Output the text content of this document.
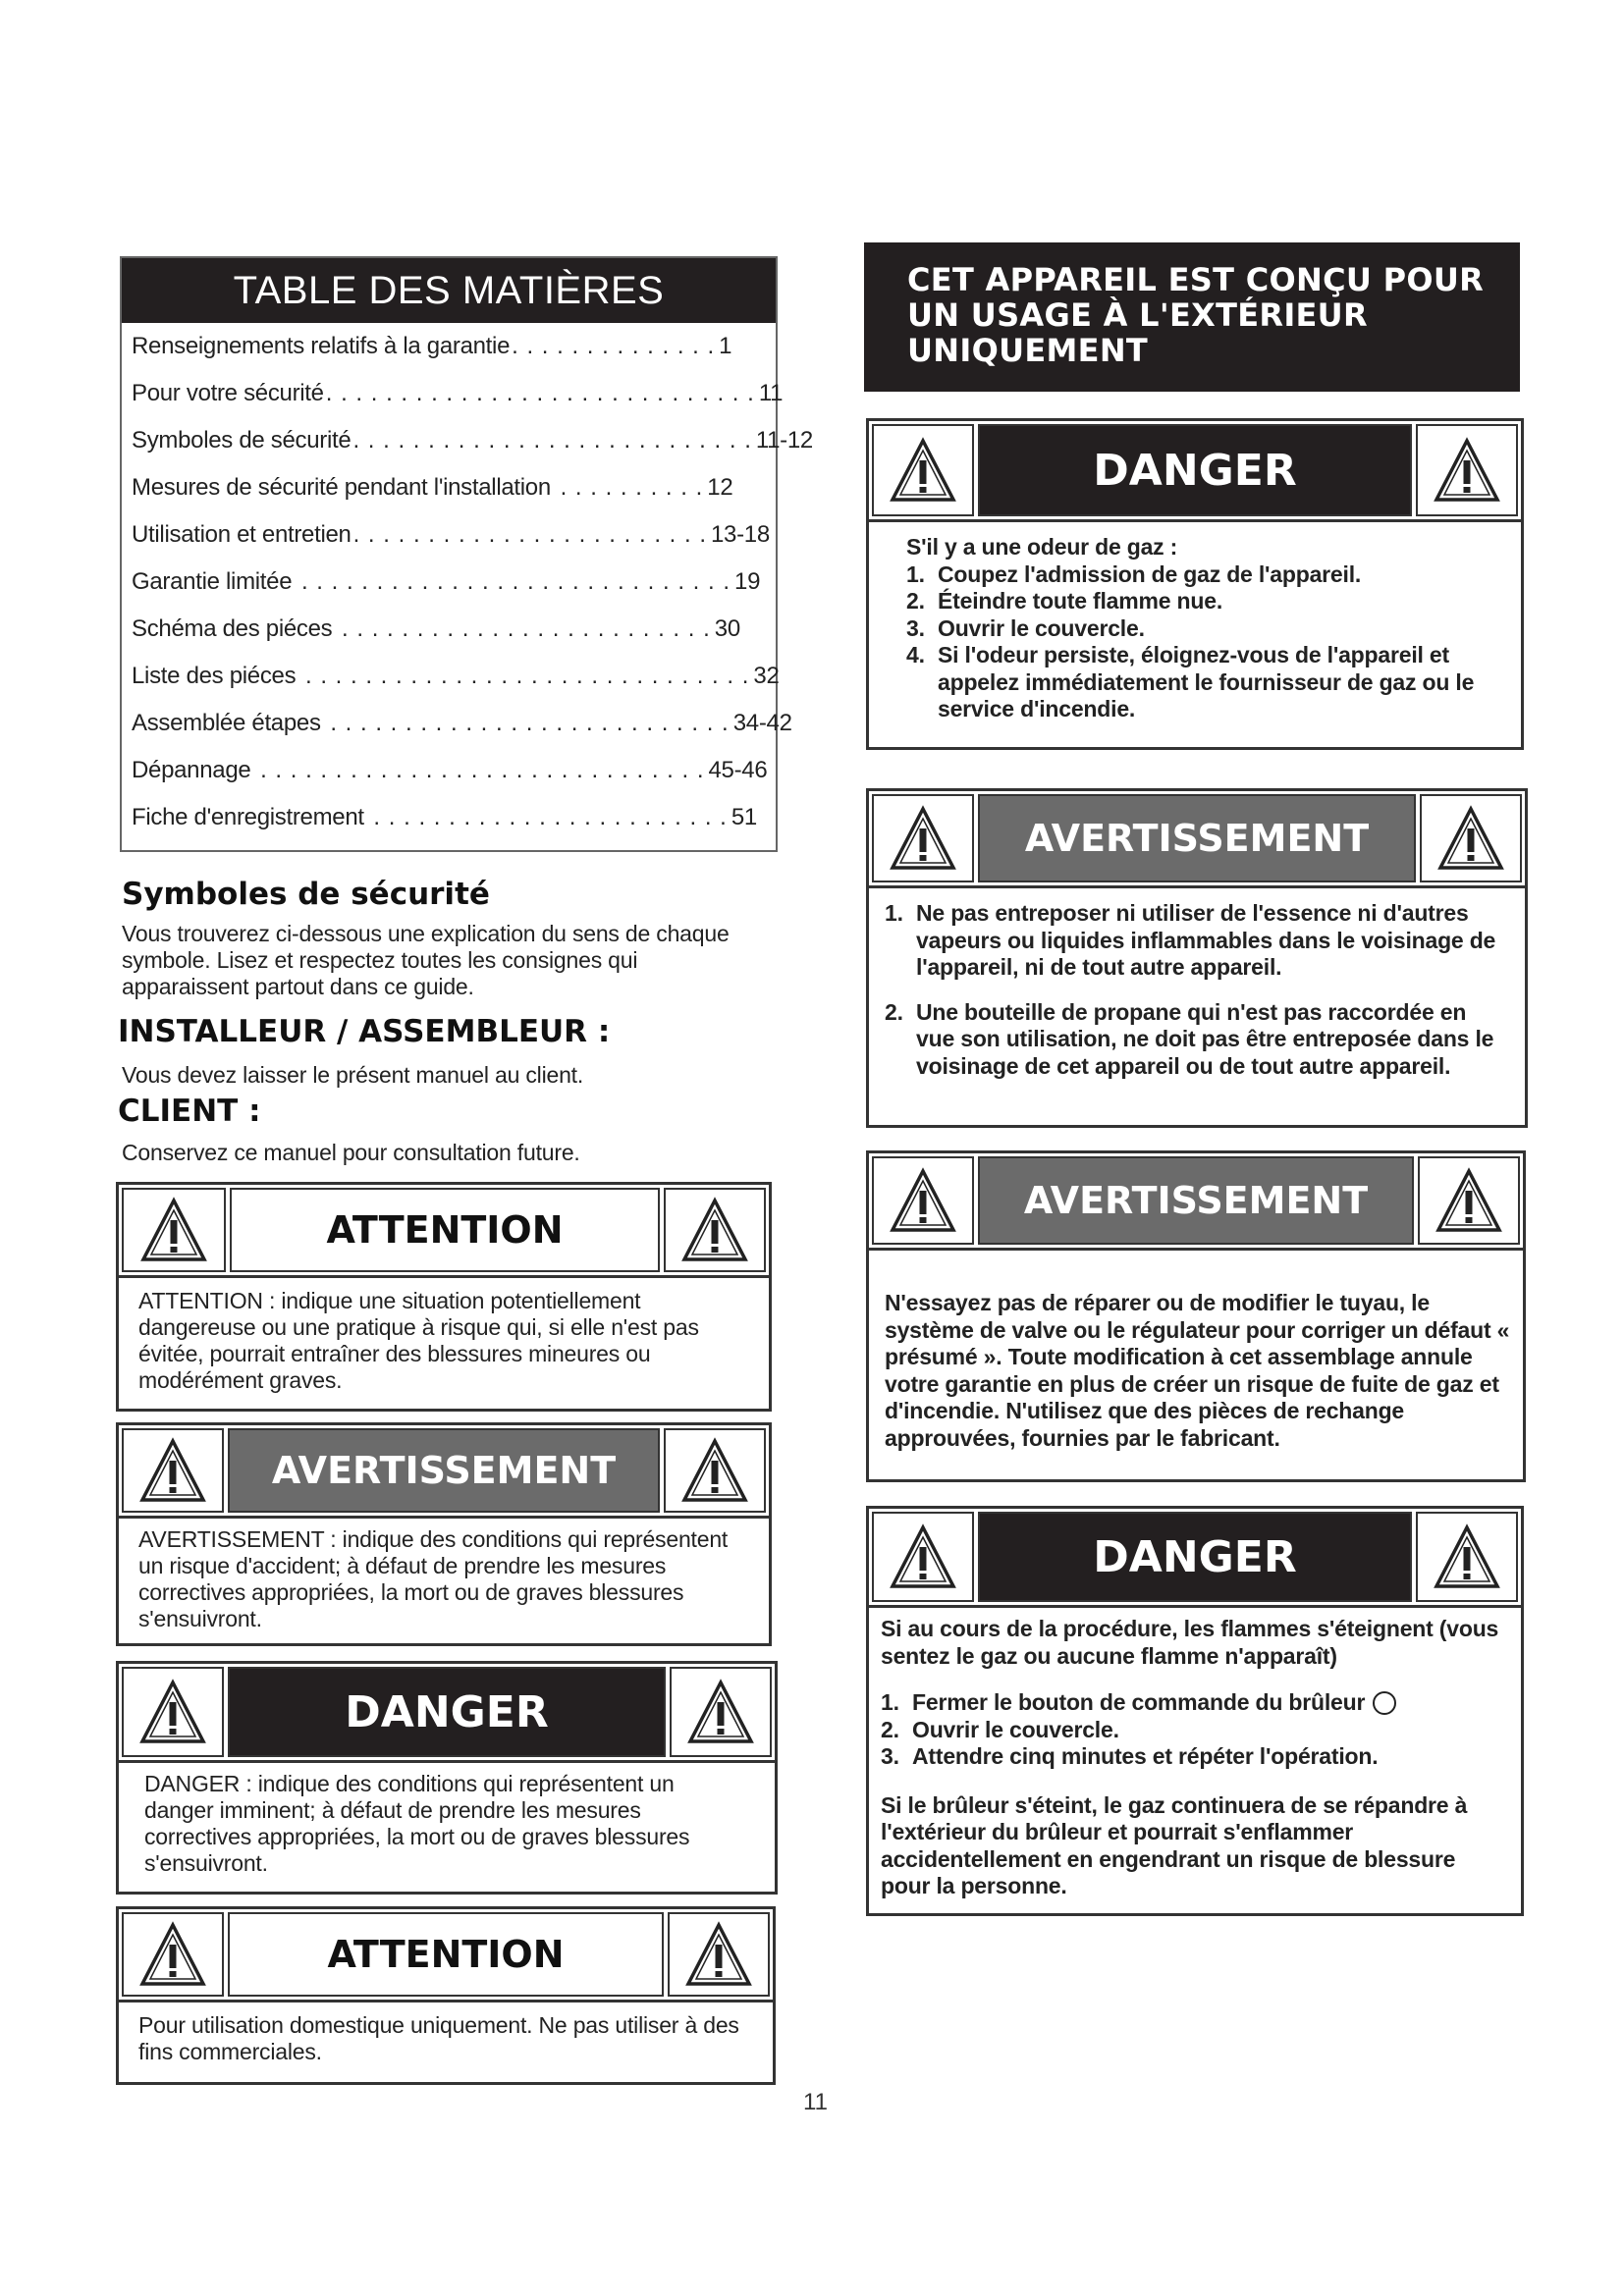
TABLE DES MATIÈRES
Renseignements relatifs à la garantie . . . . . . . . . . . . . . 1
Pour votre sécurité . . . . . . . . . . . . . . . . . . . . . . . . . . . . . 11
Symboles de sécurité . . . . . . . . . . . . . . . . . . . . . . . . . . . 11-12
Mesures de sécurité pendant l'installation . . . . . . . . . . 12
Utilisation et entretien . . . . . . . . . . . . . . . . . . . . . . . . 13-18
Garantie limitée . . . . . . . . . . . . . . . . . . . . . . . . . . . . . 19
Schéma des piéces . . . . . . . . . . . . . . . . . . . . . . . . . 30
Liste des piéces . . . . . . . . . . . . . . . . . . . . . . . . . . . . . . 32
Assemblée étapes . . . . . . . . . . . . . . . . . . . . . . . . . . . 34-42
Dépannage . . . . . . . . . . . . . . . . . . . . . . . . . . . . . . 45-46
Fiche d'enregistrement . . . . . . . . . . . . . . . . . . . . . . . . 51
Symboles de sécurité
Vous trouverez ci-dessous une explication du sens de chaque symbole. Lisez et respectez toutes les consignes qui apparaissent partout dans ce guide.
INSTALLEUR / ASSEMBLEUR :
Vous devez laisser le présent manuel au client.
CLIENT :
Conservez ce manuel pour consultation future.
ATTENTION
ATTENTION : indique une situation potentiellement dangereuse ou une pratique à risque qui, si elle n'est pas évitée, pourrait entraîner des blessures mineures ou modérément graves.
AVERTISSEMENT
AVERTISSEMENT : indique des conditions qui représentent un risque d'accident; à défaut de prendre les mesures correctives appropriées, la mort ou de graves blessures s'ensuivront.
DANGER
DANGER : indique des conditions qui représentent un danger imminent; à défaut de prendre les mesures correctives appropriées, la mort ou de graves blessures s'ensuivront.
ATTENTION
Pour utilisation domestique uniquement. Ne pas utiliser à des fins commerciales.
CET APPAREIL EST CONÇU POUR
UN USAGE À L'EXTÉRIEUR
UNIQUEMENT
DANGER
S'il y a une odeur de gaz :
1. Coupez l'admission de gaz de l'appareil.
2. Éteindre toute flamme nue.
3. Ouvrir le couvercle.
4. Si l'odeur persiste, éloignez-vous de l'appareil et appelez immédiatement le fournisseur de gaz ou le service d'incendie.
AVERTISSEMENT
1. Ne pas entreposer ni utiliser de l'essence ni d'autres vapeurs ou liquides inflammables dans le voisinage de l'appareil, ni de tout autre appareil.
2. Une bouteille de propane qui n'est pas raccordée en vue son utilisation, ne doit pas être entreposée dans le voisinage de cet appareil ou de tout autre appareil.
AVERTISSEMENT
N'essayez pas de réparer ou de modifier le tuyau, le système de valve ou le régulateur pour corriger un défaut « présumé ». Toute modification à cet assemblage annule votre garantie en plus de créer un risque de fuite de gaz et d'incendie. N'utilisez que des pièces de rechange approuvées, fournies par le fabricant.
DANGER
Si au cours de la procédure, les flammes s'éteignent (vous sentez le gaz ou aucune flamme n'apparaît)
1. Fermer le bouton de commande du brûleur
2. Ouvrir le couvercle.
3. Attendre cinq minutes et répéter l'opération.
Si le brûleur s'éteint, le gaz continuera de se répandre à l'extérieur du brûleur et pourrait s'enflammer accidentellement en engendrant un risque de blessure pour la personne.
11
